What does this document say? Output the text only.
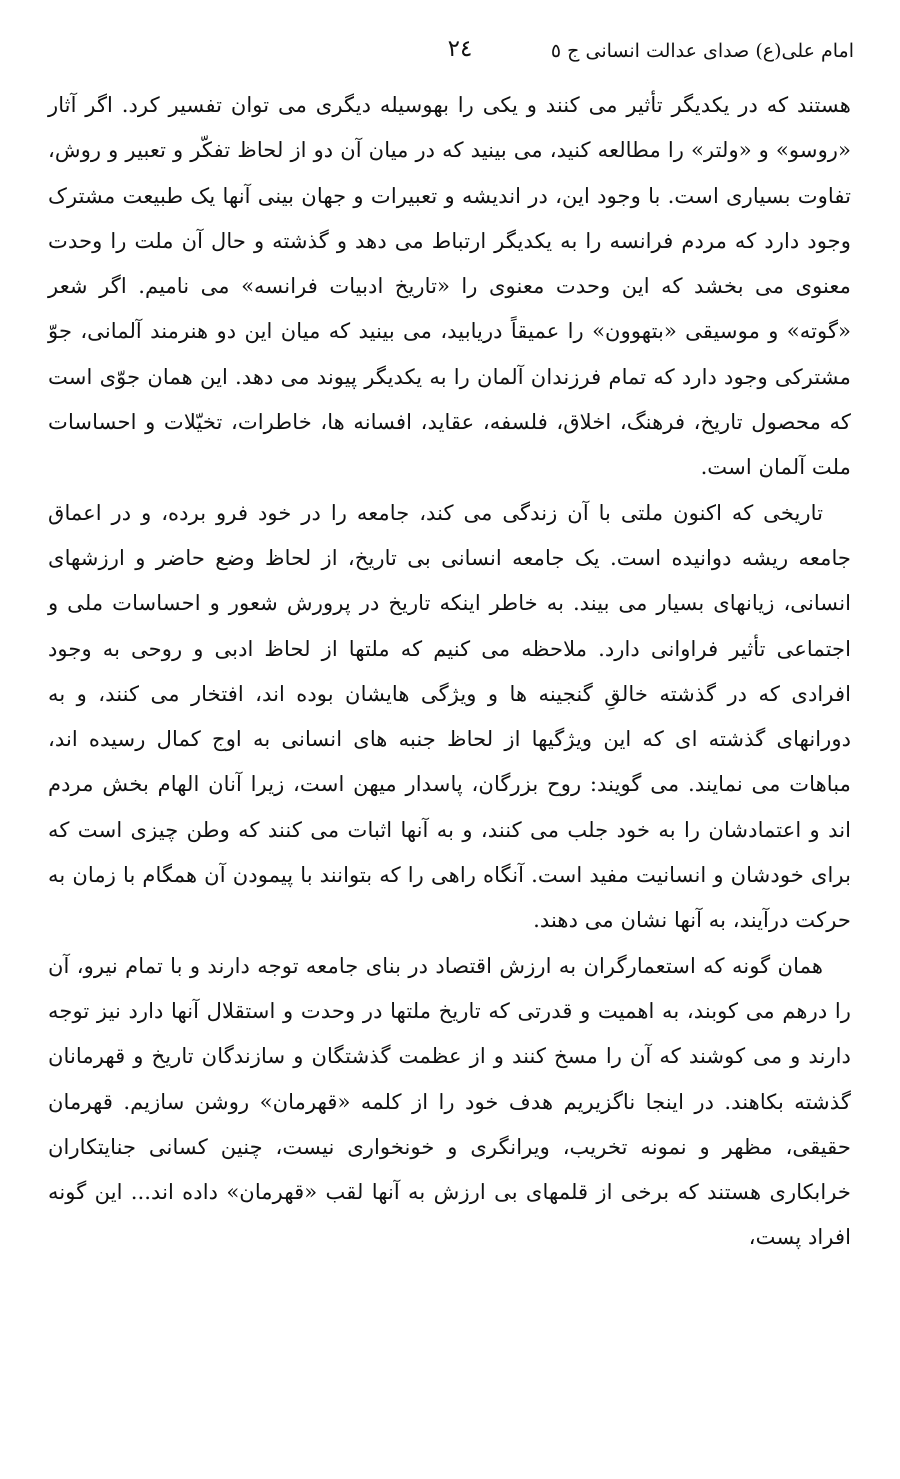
امام علی(ع) صدای عدالت انسانی ج ٥
٢٤

هستند که در یکدیگر تأثیر می کنند و یکی را بهوسیله دیگری می توان تفسیر کرد. اگر آثار «روسو» و «ولتر» را مطالعه کنید، می بینید که در میان آن دو از لحاظ تفکّر و تعبیر و روش، تفاوت بسیاری است. با وجود این، در اندیشه و تعبیرات و جهان بینی آنها یک طبیعت مشترک وجود دارد که مردم فرانسه را به یکدیگر ارتباط می دهد و گذشته و حال آن ملت را وحدت معنوی می بخشد که این وحدت معنوی را «تاریخ ادبیات فرانسه» می نامیم. اگر شعر «گوته» و موسیقی «بتهوون» را عمیقاً دریابید، می بینید که میان این دو هنرمند آلمانی، جوّ مشترکی وجود دارد که تمام فرزندان آلمان را به یکدیگر پیوند می دهد. این همان جوّی است که محصول تاریخ، فرهنگ، اخلاق، فلسفه، عقاید، افسانه ها، خاطرات، تخیّلات و احساسات ملت آلمان است.

تاریخی که اکنون ملتی با آن زندگی می کند، جامعه را در خود فرو برده، و در اعماق جامعه ریشه دوانیده است. یک جامعه انسانی بی تاریخ، از لحاظ وضع حاضر و ارزشهای انسانی، زیانهای بسیار می بیند. به خاطر اینکه تاریخ در پرورش شعور و احساسات ملی و اجتماعی تأثیر فراوانی دارد. ملاحظه می کنیم که ملتها از لحاظ ادبی و روحی به وجود افرادی که در گذشته خالقِ گنجینه ها و ویژگی هایشان بوده اند، افتخار می کنند، و به دورانهای گذشته ای که این ویژگیها از لحاظ جنبه های انسانی به اوج کمال رسیده اند، مباهات می نمایند. می گویند: روح بزرگان، پاسدار میهن است، زیرا آنان الهام بخش مردم اند و اعتمادشان را به خود جلب می کنند، و به آنها اثبات می کنند که وطن چیزی است که برای خودشان و انسانیت مفید است. آنگاه راهی را که بتوانند با پیمودن آن همگام با زمان به حرکت درآیند، به آنها نشان می دهند.

همان گونه که استعمارگران به ارزش اقتصاد در بنای جامعه توجه دارند و با تمام نیرو، آن را درهم می کوبند، به اهمیت و قدرتی که تاریخ ملتها در وحدت و استقلال آنها دارد نیز توجه دارند و می کوشند که آن را مسخ کنند و از عظمت گذشتگان و سازندگان تاریخ و قهرمانان گذشته بکاهند. در اینجا ناگزیریم هدف خود را از کلمه «قهرمان» روشن سازیم. قهرمان حقیقی، مظهر و نمونه تخریب، ویرانگری و خونخواری نیست، چنین کسانی جنایتکاران خرابکاری هستند که برخی از قلمهای بی ارزش به آنها لقب «قهرمان» داده اند... این گونه افراد پست،
